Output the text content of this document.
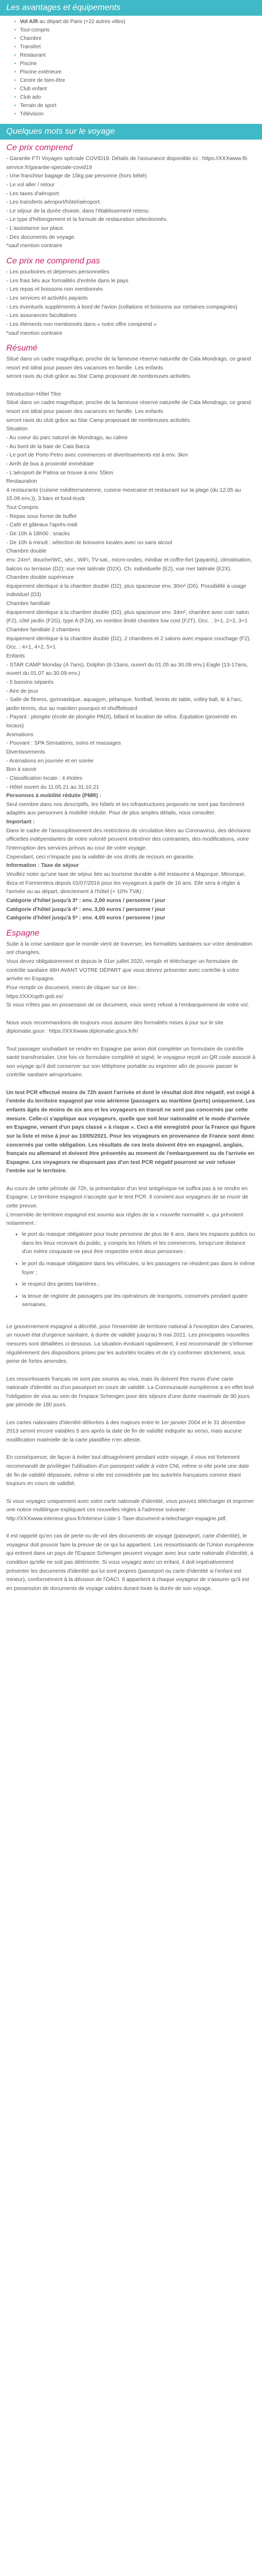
Les avantages et équipements
• Vol A/R au départ de Paris (+22 autres villes)
• Tout compris
• Chambre
• Transfert
• Restaurant
• Piscine
• Piscine extérieure
• Centre de bien-être
• Club enfant
• Club ado
• Terrain de sport
• Télévision
Quelques mots sur le voyage
Ce prix comprend

- Garantie FTI Voyages spéciale COVID19. Détails de l'assurance disponible ici : https://XXXwww.fti-service.fr/garantie-speciale-covid19

- Une franchise bagage de 15kg par personne (hors bébé)

- Le vol aller / retour

- Les taxes d'aéroport.

- Les transferts aéroport/hôtel/aéroport.

- Le séjour de la durée choisie, dans l'établissement retenu.

- Le type d'hébergement et la formule de restauration sélectionnés.

- L'assistance sur place.

- Des documents de voyage.

*sauf mention contraire

Ce prix ne comprend pas

- Les pourboires et dépenses personnelles

- Les frais liés aux formalités d'entrée dans le pays

- Les repas et boissons non mentionnés

- Les services et activités payants

- Les éventuels suppléments à bord de l'avion (collations et boissons sur certaines compagnies)

- Les assurances facultatives

- Les éléments non mentionnés dans « notre offre comprend »

*sauf mention contraire

Résumé

Situé dans un cadre magnifique, proche de la fameuse réserve naturelle de Cala Mondrago, ce grand resort est idéal pour passer des vacances en famille. Les enfants

seront ravis du club grâce au Star Camp proposant de nombreuses activités.

Introduction Hôtel Titre

Situé dans un cadre magnifique, proche de la fameuse réserve naturelle de Cala Mondrago, ce grand resort est idéal pour passer des vacances en famille. Les enfants

seront ravis du club grâce au Star Camp proposant de nombreuses activités.

Situation

- Au coeur du parc naturel de Mondrago, au calme

- Au bord de la baie de Cala Barca

- Le port de Porto Petro avec commerces et divertissements est à env. 3km

- Arrêt de bus à proximité immédiate

- L'aéroport de Palma se trouve à env. 55km

Restauration

4 restaurants (cuisine méditerranéenne, cuisine mexicaine et restaurant sur la plage (du 12.05 au 15.09 env.)), 3 bars et food-truck

Tout Compris

- Repas sous forme de buffet

- Café et gâteaux l'après-midi

- De 10h à 18h00 : snacks

- De 10h à minuit : sélection de boissons locales avec ou sans alcool

Chambre double

env. 24m², douche/WC, sèc., WiFi, TV-sat., micro-ondes, minibar et coffre-fort (payants), climatisation, balcon ou terrasse (D2); vue mer latérale (D2X). Ch. individuelle (E2), vue mer latérale (E2X).

Chambre double supérieure

équipement identique à la chambre double (D2), plus spacieuse env. 30m² (D5). Possibilité à usage individuel (D3)

Chambre familiale

équipement identique à la chambre double (D2), plus spacieuse env. 34m², chambre avec coin salon (F2), côté jardin (F2G), type A (F2A), en nombre limité chambre low cost (F2T). Occ. : 3+1, 2+2, 3+1

Chambre familiale 2 chambres

équipement identique à la chambre double (D2), 2 chambres et 2 salons avec espace couchage (F2). Occ. : 4+1, 4+2, 5+1

Enfants

- STAR CAMP Monday (4-7ans), Dolphin (8-13ans, ouvert du 01.05 au 30.09 env.) Eagle (13-17ans, ouvert du 01.07 au 30.09 env.)

- 5 bassins séparés

- Aire de jeux

- Salle de fitness, gymnastique, aquagym, pétanque, football, tennis de table, volley ball, tir à l'arc, jardin tennis, duc au maintien pourquoi et shuffleboard

- Payant : plongée (école de plongée PADI), billard et location de vélos. Équitation (proximité en locaux)

Animations

- Pouvant : SPA Sensations, soins et massages

Divertissements

- Animations en journée et en soirée

Bon à savoir

- Classification locale : 4 étoiles

- Hôtel ouvert du 11.05.21 au 31.10.21

Personnes à mobilité réduite (PMR) :

Seul membre dans nos descriptifs, les hôtels et les infrastructures proposés ne sont pas forcément adaptés aux personnes à mobilité réduite. Pour de plus amples détails, nous consulter.

Important :

Dans le cadre de l'assouplissement des restrictions de circulation liées au Coronavirus, des décisions officielles indépendantes de notre volonté peuvent entraîner des contraintes, des modifications, voire l'interruption des services prévus au cour de votre voyage.

Cependant, ceci n'impacte pas la validité de vos droits de recours en garantie.

Information : Taxe de séjour

Veuillez noter qu'une taxe de séjour liée au tourisme durable a été instaurée à Majorque, Minorque, Ibiza et Formentera depuis 01/07/2016 pour les voyageurs à partir de 16 ans. Elle sera à régler à l'arrivée ou au départ, directement à l'hôtel (+ 10% TVA) :

Catégorie d'hôtel jusqu'à 3* : env. 2,00 euros / personne / jour

Catégorie d'hôtel jusqu'à 4* : env. 3,00 euros / personne / jour

Catégorie d'hôtel jusqu'à 5* : env. 4,00 euros / personne / jour

Espagne

Suite à la crise sanitaire que le monde vient de traverser, les formalités sanitaires sur votre destination ont changées.

Vous devez obligatoirement et depuis le 01er juillet 2020, remplir et télécharger un formulaire de contrôle sanitaire 48H AVANT VOTRE DÉPART que vous devrez présenter avec contrôle à votre arrivée en Espagne.

Pour remplir ce document, merci de cliquer sur ce lien :

https://XXXspth.gob.es/

Si vous n'êtes pas en possession de ce document, vous serez refusé à l'embarquement de votre vol.

Nous vous recommandons de toujours vous assurer des formalités mises à jour sur le site diplomatie.gouv : https://XXXwww.diplomatie.gouv.fr/fr/

Tout passager souhaitant se rendre en Espagne par avion doit compléter un formulaire de contrôle santé transfrontalier. Une fois ce formulaire complété et signé, le voyageur reçoit un QR code associé à son voyage qu'il doit conserver sur son téléphone portable ou imprimer afin de pouvoir passer le contrôle sanitaire aéroportuaire.

Un test PCR effectué moins de 72h avant l'arrivée et dont le résultat doit être négatif, est exigé à l'entrée du territoire espagnol par voie aérienne (passagers au maritime (ports) uniquement. Les enfants âgés de moins de six ans et les voyageurs en transit ne sont pas concernés par cette mesure. Celle-ci s'applique aux voyageurs, quelle que soit leur nationalité et le mode d'arrivée en Espagne, venant d'un pays classé « à risque ». Ceci a été enregistré pour la France qui figure sur la liste et mise à jour au 10/05/2021. Pour les voyageurs en provenance de France sont donc concernés par cette obligation. Les résultats de ces tests doivent être en espagnol, anglais, français ou allemand et doivent être présentés au moment de l'embarquement ou de l'arrivée en Espagne. Les voyageurs ne disposant pas d'un test PCR négatif pourront se voir refuser l'entrée sur le territoire.

Au cours de cette période de 72h, la présentation d'un test antigénique ne suffira pas à se rendre en Espagne. Le territoire espagnol n'accepte que le test PCR. Il convient aux voyageurs de se munir de cette preuve.

L'ensemble de territoire espagnol est soumis aux règles de la « nouvelle normalité », qui prévoient notamment :

• le port du masque obligatoire pour toute personne de plus de 6 ans, dans les espaces publics ou dans les lieux recevant du public, y compris les hôtels et les commerces, lorsqu'une distance d'un mètre cinquante ne peut être respectée entre deux personnes ;
• le port du masque obligatoire dans les véhicules, si les passagers ne résident pas dans le même foyer ;
• le respect des gestes barrières ;
• la tenue de registre de passagers par les opérateurs de transports, conservés pendant quatre semaines.

Le gouvernement espagnol a décrété, pour l'ensemble de territoire national à l'exception des Canaries, un nouvel état d'urgence sanitaire, à durée de validité jusqu'au 9 mai 2021. Les principales nouvelles mesures sont détaillées ci-dessous. La situation évoluant rapidement, il est recommandé de s'informer régulièrement des dispositions prises par les autorités locales et de s'y conformer strictement, sous peine de fortes amendes.

Les ressortissants français ne sont pas soumis au visa, mais ils doivent être munis d'une carte nationale d'identité ou d'un passeport en cours de validité. La Communauté européenne a en effet levé l'obligation de visa au sein de l'espace Schengen pour des séjours d'une durée maximale de 90 jours par période de 180 jours.

Les cartes nationales d'identité délivrées à des majeurs entre le 1er janvier 2004 et le 31 décembre 2013 seront encore valables 5 ans après la date de fin de validité indiquée au verso, mais aucune modification matérielle de la carte plastifiée n'en atteste.

En conséquence, de façon à éviter tout désagrément pendant votre voyage, il vous est fortement recommandé de privilégier l'utilisation d'un passeport valide à votre CNI, même si elle porte une date de fin de validité dépassée, même si elle est considérée par les autorités françaises comme étant toujours en cours de validité.

Si vous voyagez uniquement avec votre carte nationale d'identité, vous pouvez télécharger et imprimer une notice multilingue expliquant ces nouvelles règles à l'adresse suivante : http://XXXwww.interieur.gouv.fr/Interieur-Liste-1-Taxe-document-a-telecharger-espagne.pdf.

Il est rappelé qu'en cas de perte ou de vol des documents de voyage (passeport, carte d'identité), le voyageur doit pouvoir faire la preuve de ce qui lui appartient. Les ressortissants de l'Union européenne qui entrent dans un pays de l'Espace Schengen peuvent voyager avec leur carte nationale d'identité, à condition qu'elle ne soit pas détériorée. Si vous voyagez avec un enfant, il doit impérativement présenter les documents d'identité qui lui sont propres (passeport ou carte d'identité si l'enfant est mineur), conformément à la décision de l'OACI. Il appartient à chaque voyageur de s'assurer qu'il est en possession de documents de voyage valides durant toute la durée de son voyage.
